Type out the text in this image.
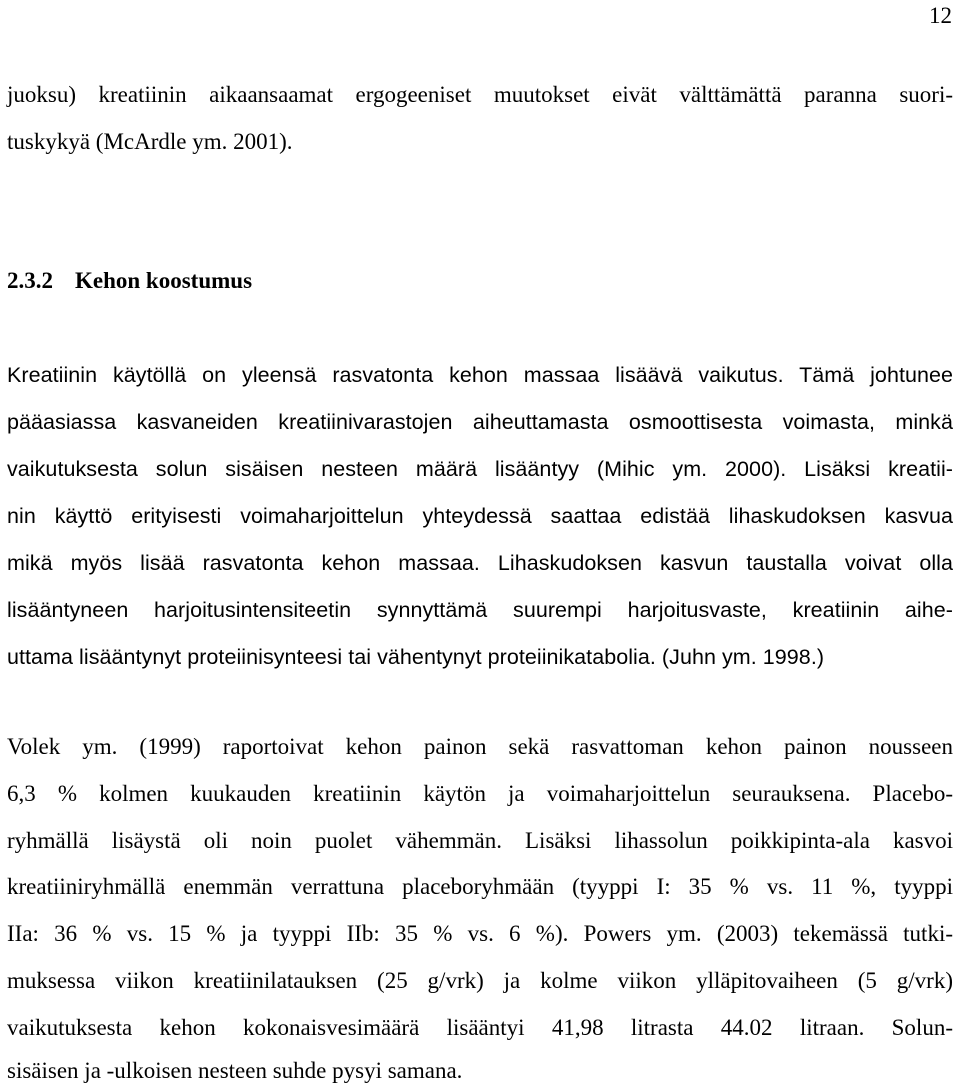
12
juoksu) kreatiinin aikaansaamat ergogeeniset muutokset eivät välttämättä paranna suori-
tuskykyä (McArdle ym. 2001).
2.3.2 Kehon koostumus
Kreatiinin käytöllä on yleensä rasvatonta kehon massaa lisäävä vaikutus. Tämä johtunee
pääasiassa kasvaneiden kreatiinivarastojen aiheuttamasta osmoottisesta voimasta, minkä
vaikutuksesta solun sisäisen nesteen määrä lisääntyy (Mihic ym. 2000). Lisäksi kreatii-
nin käyttö erityisesti voimaharjoittelun yhteydessä saattaa edistää lihaskudoksen kasvua
mikä myös lisää rasvatonta kehon massaa. Lihaskudoksen kasvun taustalla voivat olla
lisääntyneen harjoitusintensiteetin synnyttämä suurempi harjoitusvaste, kreatiinin aihe-
uttama lisääntynyt proteiinisynteesi tai vähentynyt proteiinikatabolia. (Juhn ym. 1998.)
Volek ym. (1999) raportoivat kehon painon sekä rasvattoman kehon painon nousseen
6,3 % kolmen kuukauden kreatiinin käytön ja voimaharjoittelun seurauksena. Placebo-
ryhmällä lisäystä oli noin puolet vähemmän. Lisäksi lihassolun poikkipinta-ala kasvoi
kreatiiniryhmällä enemmän verrattuna placeboryhmään (tyyppi I: 35 % vs. 11 %, tyyppi
IIa: 36 % vs. 15 % ja tyyppi IIb: 35 % vs. 6 %). Powers ym. (2003) tekemässä tutki-
muksessa viikon kreatiinilatauksen (25 g/vrk) ja kolme viikon ylläpitovaiheen (5 g/vrk)
vaikutuksesta kehon kokonaisvesimäärä lisääntyi 41,98 litrasta 44.02 litraan. Solun-
sisäisen ja -ulkoisen nesteen suhde pysyi samana.
